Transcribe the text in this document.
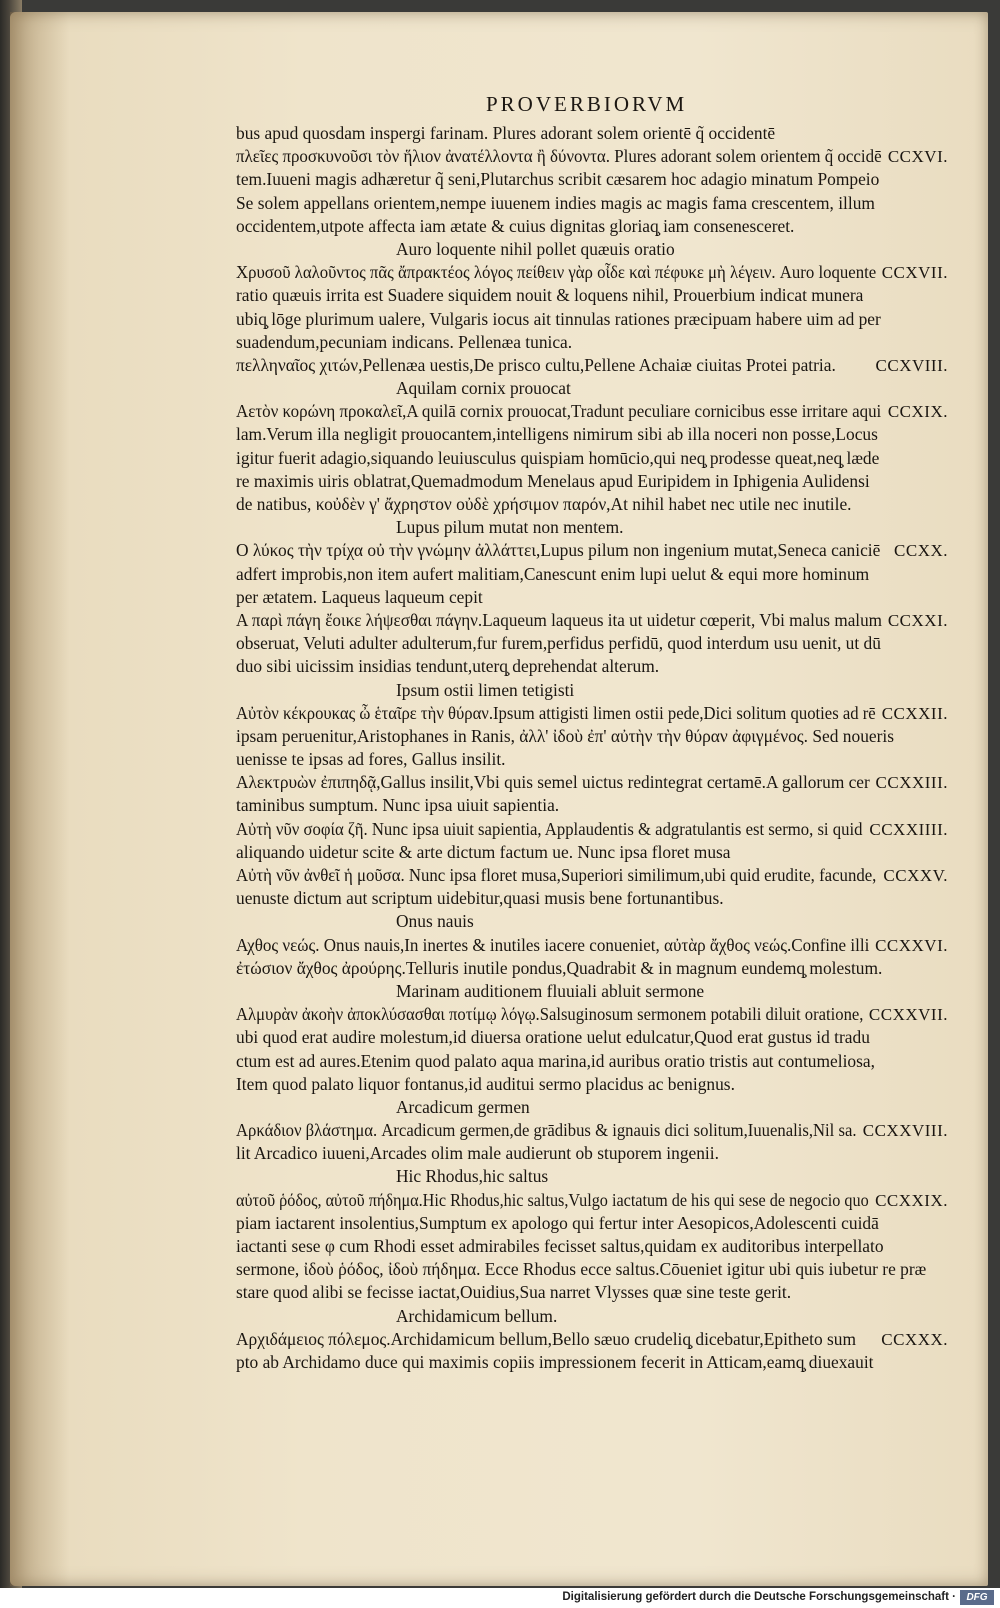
PROVERBIORVM
bus apud quosdam inspergi farinam. Plures adorant solem orientē q̃ occidentē
πλεῖες προσκυνοῦσι τὸν ἥλιον ἀνατέλλοντα ἢ δύνοντα. Plures adorant solem orientem q̃ occidē CCXVI.
tem.Iuueni magis adhæretur q̃ seni,Plutarchus scribit cæsarem hoc adagio minatum Pompeio
Se solem appellans orientem,nempe iuuenem indies magis ac magis fama crescentem, illum
occidentem,utpote affecta iam ætate & cuius dignitas gloriaq̧ iam consenesceret.
Auro loquente nihil pollet quæuis oratio
Χρυσοῦ λαλοῦντος πᾶς ἄπρακτέος λόγος πείθειν γὰρ οἶδε καὶ πέφυκε μὴ λέγειν. Auro loquente CCXVII.
ratio quæuis irrita est Suadere siquidem nouit & loquens nihil, Prouerbium indicat munera
ubiq̧ lōge plurimum ualere, Vulgaris iocus ait tinnulas rationes præcipuam habere uim ad per
suadendum,pecuniam indicans. Pellenæa tunica.
πελληναῖος χιτών,Pellenæa uestis,De prisco cultu,Pellene Achaiæ ciuitas Protei patria. CCXVIII.
Aquilam cornix prouocat
Αετὸν κορώνη προκαλεῖ,A quilā cornix prouocat,Tradunt peculiare cornicibus esse irritare aqui CCXIX.
lam.Verum illa negligit prouocantem,intelligens nimirum sibi ab illa noceri non posse,Locus
igitur fuerit adagio,siquando leuiusculus quispiam homūcio,qui neq̧ prodesse queat,neq̧ læde
re maximis uiris oblatrat,Quemadmodum Menelaus apud Euripidem in Iphigenia Aulidensi
de natibus, κοὐδὲν γ' ἄχρηστον οὐδὲ χρήσιμον παρόν,At nihil habet nec utile nec inutile.
Lupus pilum mutat non mentem.
Ο λύκος τὴν τρίχα οὐ τὴν γνώμην ἀλλάττει,Lupus pilum non ingenium mutat,Seneca caniciē CCXX.
adfert improbis,non item aufert malitiam,Canescunt enim lupi uelut & equi more hominum
per ætatem. Laqueus laqueum cepit
Α παρὶ πάγη ἔοικε λήψεσθαι πάγην.Laqueum laqueus ita ut uidetur cœperit, Vbi malus malum CCXXI.
obseruat, Veluti adulter adulterum,fur furem,perfidus perfidū, quod interdum usu uenit, ut dū
duo sibi uicissim insidias tendunt,uterq̧ deprehendat alterum.
Ipsum ostii limen tetigisti
Αὐτὸν κέκρουκας ὦ ἑταῖρε τὴν θύραν.Ipsum attigisti limen ostii pede,Dici solitum quoties ad rē CCXXII.
ipsam peruenitur,Aristophanes in Ranis, ἀλλ' ἰδοὺ ἐπ' αὐτὴν τὴν θύραν ἀφιγμένος. Sed noueris
uenisse te ipsas ad fores, Gallus insilit.
Αλεκτρυὼν ἐπιπηδᾷ,Gallus insilit,Vbi quis semel uictus redintegrat certamē.A gallorum cer CCXXIII.
taminibus sumptum. Nunc ipsa uiuit sapientia.
Αὐτὴ νῦν σοφία ζῆ. Nunc ipsa uiuit sapientia, Applaudentis & adgratulantis est sermo, si quid CCXXIIII.
aliquando uidetur scite & arte dictum factum ue. Nunc ipsa floret musa
Αὐτὴ νῦν ἀνθεῖ ἡ μοῦσα. Nunc ipsa floret musa,Superiori similimum,ubi quid erudite, facunde, CCXXV.
uenuste dictum aut scriptum uidebitur,quasi musis bene fortunantibus.
Onus nauis
Αχθος νεώς. Onus nauis,In inertes & inutiles iacere conueniet, αὐτὰρ ἄχθος νεώς.Confine illi CCXXVI.
ἐτώσιον ἄχθος ἀρούρης.Telluris inutile pondus,Quadrabit & in magnum eundemq̧ molestum.
Marinam auditionem fluuiali abluit sermone
Αλμυρὰν ἀκοὴν ἀποκλύσασθαι ποτίμῳ λόγῳ.Salsuginosum sermonem potabili diluit oratione, CCXXVII.
ubi quod erat audire molestum,id diuersa oratione uelut edulcatur,Quod erat gustus id tradu
ctum est ad aures.Etenim quod palato aqua marina,id auribus oratio tristis aut contumeliosa,
Item quod palato liquor fontanus,id auditui sermo placidus ac benignus.
Arcadicum germen
Αρκάδιον βλάστημα. Arcadicum germen,de grādibus & ignauis dici solitum,Iuuenalis,Nil sa. CCXXVIII.
lit Arcadico iuueni,Arcades olim male audierunt ob stuporem ingenii.
Hic Rhodus,hic saltus
αὐτοῦ ῥόδος, αὐτοῦ πήδημα.Hic Rhodus,hic saltus,Vulgo iactatum de his qui sese de negocio quo CCXXIX.
piam iactarent insolentius,Sumptum ex apologo qui fertur inter Aesopicos,Adolescenti cuidā
iactanti sese φ cum Rhodi esset admirabiles fecisset saltus,quidam ex auditoribus interpellato
sermone, ἰδοὺ ῥόδος, ἰδοὺ πήδημα. Ecce Rhodus ecce saltus.Cōueniet igitur ubi quis iubetur re præ
stare quod alibi se fecisse iactat,Ouidius,Sua narret Vlysses quæ sine teste gerit.
Archidamicum bellum.
Αρχιδάμειος πόλεμος.Archidamicum bellum,Bello sæuo crudeliq̧ dicebatur,Epitheto sum CCXXX.
pto ab Archidamo duce qui maximis copiis impressionem fecerit in Atticam,eamq̧ diuexauit
Digitalisierung gefördert durch die Deutsche Forschungsgemeinschaft ·	DFG
